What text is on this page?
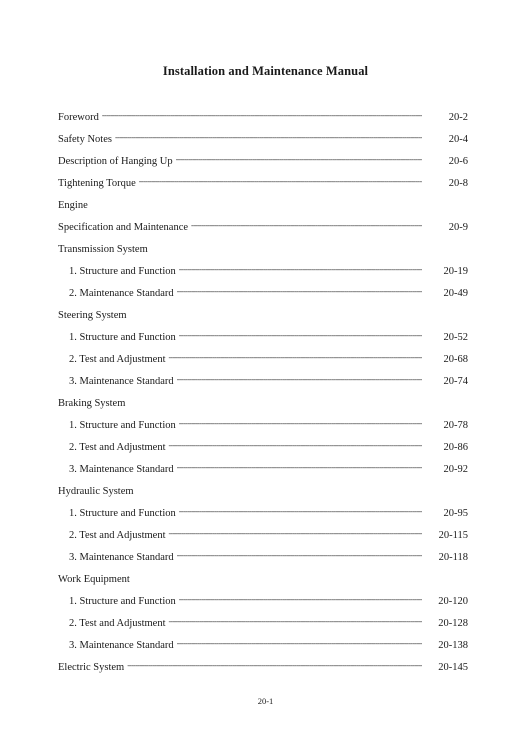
Installation and Maintenance Manual
Foreword -----	20-2
Safety Notes -----	20-4
Description of Hanging Up -----	20-6
Tightening Torque -----	20-8
Engine
Specification and Maintenance -----	20-9
Transmission System
1. Structure and Function -----	20-19
2. Maintenance Standard -----	20-49
Steering System
1. Structure and Function -----	20-52
2. Test and Adjustment -----	20-68
3. Maintenance Standard -----	20-74
Braking System
1. Structure and Function -----	20-78
2. Test and Adjustment -----	20-86
3. Maintenance Standard -----	20-92
Hydraulic System
1. Structure and Function -----	20-95
2. Test and Adjustment -----	20-115
3. Maintenance Standard -----	20-118
Work Equipment
1. Structure and Function -----	20-120
2. Test and Adjustment -----	20-128
3. Maintenance Standard -----	20-138
Electric System -----	20-145
20-1
